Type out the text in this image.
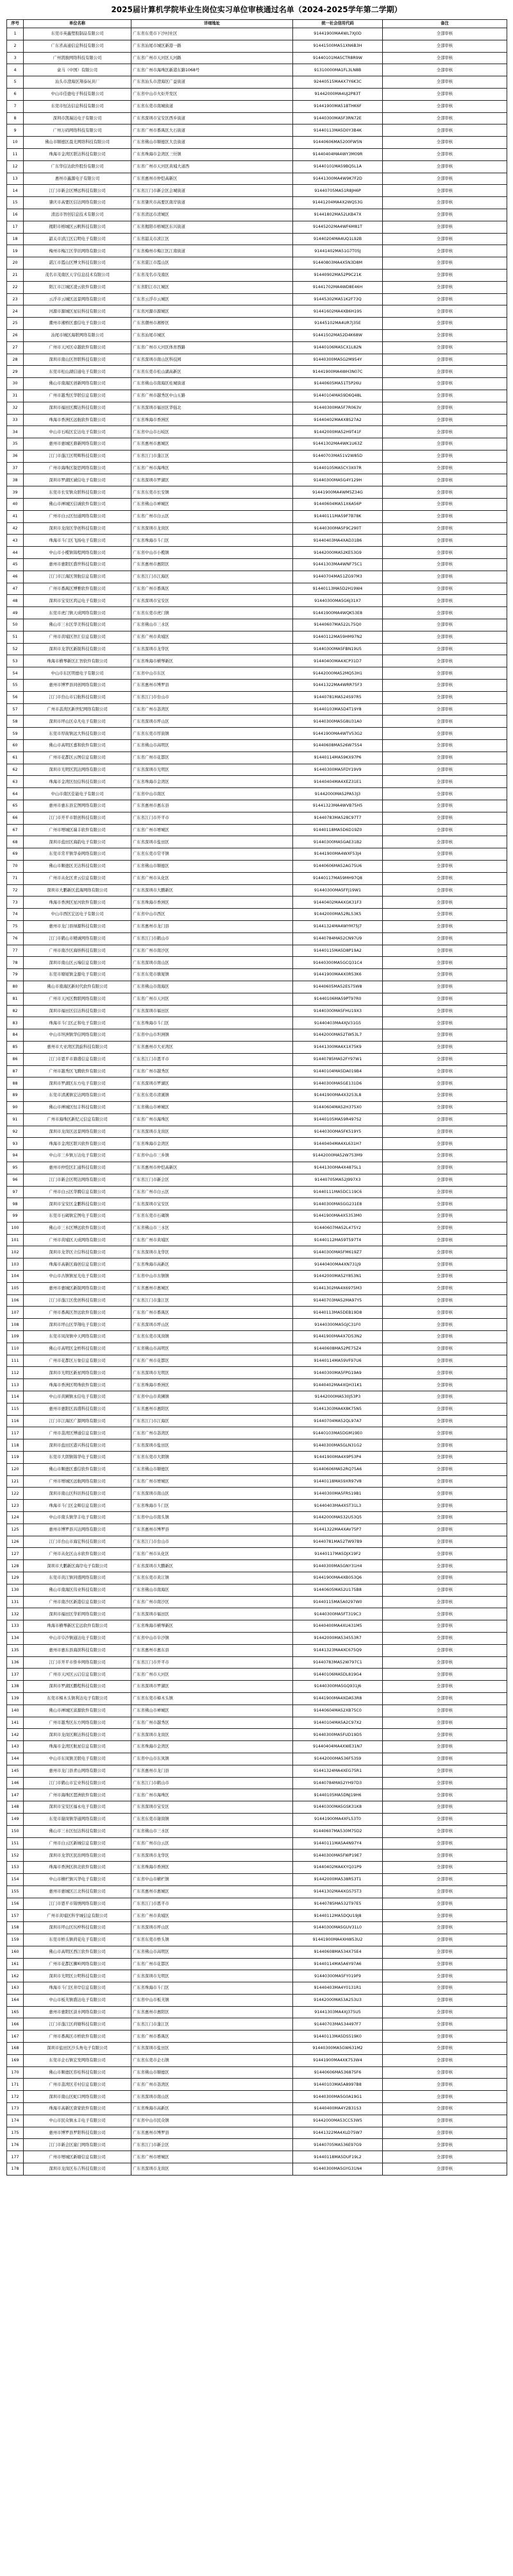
2025届计算机学院毕业生岗位实习单位审核通过名单（2024-2025学年第二学期）
序号	单位名称	详细地址	统一社会信用代码	备注
1	东莞市英鑫塑胶制品有限公司	广东省东莞市下沙村社区	91441900MA4WL7XJ0D	全部审核
2	广东省高通信息科技有限公司	广东省汕尾市城区新港一路	91441500MA51XN6B3H	全部审核
3	广州凯骏网络科技有限公司	广东省广州市天河区天河路	91440101MA5CTR8R9W	全部审核
4	盒马（中国）有限公司	广东省广州市海珠区新港东路1068号	91310000MA1FL3LN8B	全部审核
5	汕头市澄海区翔泰玩具厂	广东省汕头市澄海区广益街道	92440515MA4X7Y6K3C	全部审核
6	中山市佳德电子科技有限公司	广东省中山市火炬开发区	91442000MA4UJ2P83T	全部审核
7	东莞市恒达信息科技有限公司	广东省东莞市南城街道	91441900MA51BTHK6F	全部审核
8	深圳市凯瑞达电子有限公司	广东省深圳市宝安区西乡街道	91440300MA5F3RN72E	全部审核
9	广州万码网络科技有限公司	广东省广州市番禺区大石街道	91440113MA5D0Y3B4K	全部审核
10	佛山市顺德区晨光网络科技有限公司	广东省佛山市顺德区大良街道	91440606MA5200FW5N	全部审核
11	珠海市金湾区联达科技有限公司	广东省珠海市金湾区三灶镇	91440404MA4WY3M09R	全部审核
12	广东华信达软件股份有限公司	广东省广州市天河区黄埔大道西	91440101MA59BQ5L1A	全部审核
13	惠州市鑫源电子有限公司	广东省惠州市仲恺高新区	91441300MA4W9K7F2D	全部审核
14	江门市新会区博远科技有限公司	广东省江门市新会区会城街道	91440705MA51R8JH6P	全部审核
15	肇庆市高要区信达网络有限公司	广东省肇庆市高要区南岸街道	91441204MA4X2WQ53G	全部审核
16	清远市智创信息技术有限公司	广东省清远市清城区	91441802MA52LKB47X	全部审核
17	揭阳市榕城区云帆科技有限公司	广东省揭阳市榕城区东兴街道	91445202MA4WF6M81T	全部审核
18	韶关市浈江区启明电子有限公司	广东省韶关市浈江区	91440204MA4UQ1L92B	全部审核
19	梅州市梅江区华讯网络有限公司	广东省梅州市梅江区江南街道	91441402MA51G7T05J	全部审核
20	湛江市霞山区博文科技有限公司	广东省湛江市霞山区	91440803MA4X5N3D8M	全部审核
21	茂名市茂南区天宇信息技术有限公司	广东省茂名市茂南区	91440902MA52P9C21K	全部审核
22	阳江市江城区凌云软件有限公司	广东省阳江市江城区	91441702MA4WD8E46H	全部审核
23	云浮市云城区远景网络有限公司	广东省云浮市云城区	91445302MA51K2F73Q	全部审核
24	河源市源城区星辰科技有限公司	广东省河源市源城区	91441602MA4XB6H19S	全部审核
25	潮州市湘桥区嘉信电子有限公司	广东省潮州市湘桥区	91445102MA4UR7J35E	全部审核
26	汕尾市城区海联网络有限公司	广东省汕尾市城区	91441502MA52D4K68W	全部审核
27	广州市天河区卓越软件有限公司	广东省广州市天河区体育西路	91440106MA5CX1L82N	全部审核
28	深圳市南山区智联科技有限公司	广东省深圳市南山区科技园	91440300MA5G2M954Y	全部审核
29	东莞市松山湖信通电子有限公司	广东省东莞市松山湖高新区	91441900MA4WH3N07C	全部审核
30	佛山市南海区创新网络有限公司	广东省佛山市南海区桂城街道	91440605MA51T5P26U	全部审核
31	广州市越秀区华联信息有限公司	广东省广州市越秀区中山五路	91440104MA59D6Q48L	全部审核
32	深圳市福田区腾达科技有限公司	广东省深圳市福田区华强北	91440300MA5F7R063V	全部审核
33	珠海市香洲区远航软件有限公司	广东省珠海市香洲区	91440402MA4X8S27A2	全部审核
34	中山市石岐区宏达电子有限公司	广东省中山市石岐区	91442000MA52H9T41F	全部审核
35	惠州市惠城区鼎新网络有限公司	广东省惠州市惠城区	91441302MA4WK1U63Z	全部审核
36	江门市蓬江区明辉科技有限公司	广东省江门市蓬江区	91440703MA51V2W85D	全部审核
37	广州市海珠区锐思网络有限公司	广东省广州市海珠区	91440105MA5CY3X07R	全部审核
38	深圳市罗湖区诚信电子有限公司	广东省深圳市罗湖区	91440300MA5G4Y129H	全部审核
39	东莞市长安镇众联科技有限公司	广东省东莞市长安镇	91441900MA4WM5Z34G	全部审核
40	佛山市禅城区信诚软件有限公司	广东省佛山市禅城区	91440604MA51X6A56P	全部审核
41	广州市白云区恒通网络有限公司	广东省广州市白云区	91440111MA59F7B78K	全部审核
42	深圳市龙岗区华创科技有限公司	广东省深圳市龙岗区	91440300MA5F9C290T	全部审核
43	珠海市斗门区飞扬电子有限公司	广东省珠海市斗门区	91440403MA4XAD31B6	全部审核
44	中山市小榄镇锦程网络有限公司	广东省中山市小榄镇	91442000MA52KE53G9	全部审核
45	惠州市惠阳区盛世科技有限公司	广东省惠州市惠阳区	91441303MA4WNF75C1	全部审核
46	江门市江海区领航信息有限公司	广东省江门市江海区	91440704MA51ZG97M3	全部审核
47	广州市番禺区博雅软件有限公司	广东省广州市番禺区	91440113MA5D2H19W4	全部审核
48	深圳市宝安区鸿运电子有限公司	广东省深圳市宝安区	91440300MA5G6J31X7	全部审核
49	东莞市虎门镇天成网络有限公司	广东省东莞市虎门镇	91441900MA4WQK53E8	全部审核
50	佛山市三水区华美科技有限公司	广东省佛山市三水区	91440607MA522L75Q0	全部审核
51	广州市黄埔区智汇信息有限公司	广东省广州市黄埔区	91440112MA59HM97N2	全部审核
52	深圳市龙华区新锐科技有限公司	广东省深圳市龙华区	91440300MA5FBN19U5	全部审核
53	珠海市横琴新区汇智软件有限公司	广东省珠海市横琴新区	91440400MA4XCP31D7	全部审核
54	中山市东区明德电子有限公司	广东省中山市东区	91442000MA52MQ53H1	全部审核
55	惠州市博罗县同创网络有限公司	广东省惠州市博罗县	91441322MA4WRR75F3	全部审核
56	江门市台山市启航科技有限公司	广东省江门市台山市	91440781MA524S97R5	全部审核
57	广州市荔湾区新世纪网络有限公司	广东省广州市荔湾区	91440103MA5D4T19Y8	全部审核
58	深圳市坪山区卓凡电子有限公司	广东省深圳市坪山区	91440300MA5G8U31A0	全部审核
59	东莞市厚街镇远大科技有限公司	广东省东莞市厚街镇	91441900MA4WTV53G2	全部审核
60	佛山市高明区嘉和软件有限公司	广东省佛山市高明区	91440608MA526W75S4	全部审核
61	广州市花都区云图信息有限公司	广东省广州市花都区	91440114MA59KX97P6	全部审核
62	深圳市光明区凯达网络有限公司	广东省深圳市光明区	91440300MA5FDY19V9	全部审核
63	珠海市金湾区恒信科技有限公司	广东省珠海市金湾区	91440404MA4XEZ31E1	全部审核
64	中山市南区佳能电子有限公司	广东省中山市南区	91442000MA52PA53J3	全部审核
65	惠州市惠东县宏图网络有限公司	广东省惠州市惠东县	91441323MA4WVB75H5	全部审核
66	江门市开平市联创科技有限公司	广东省江门市开平市	91440783MA528C97T7	全部审核
67	广州市增城区瑞丰软件有限公司	广东省广州市增城区	91440118MA5D6D19Z0	全部审核
68	深圳市盐田区海韵电子有限公司	广东省深圳市盐田区	91440300MA5GAE31B2	全部审核
69	东莞市常平镇华泰网络有限公司	广东省东莞市常平镇	91441900MA4WXF53J4	全部审核
70	佛山市顺德区美达科技有限公司	广东省佛山市顺德区	91440606MA52AG75U6	全部审核
71	广州市从化区青云信息有限公司	广东省广州市从化区	91440117MA59MH97Q8	全部审核
72	深圳市大鹏新区蓝海网络有限公司	广东省深圳市大鹏新区	91440300MA5FFJ19W1	全部审核
73	珠海市香洲区星河软件有限公司	广东省珠海市香洲区	91440402MA4XGK31F3	全部审核
74	中山市西区宏远电子有限公司	广东省中山市西区	91442000MA52RL53K5	全部审核
75	惠州市龙门县绿源科技有限公司	广东省惠州市龙门县	91441324MA4WYM75J7	全部审核
76	江门市鹤山市精诚网络有限公司	广东省江门市鹤山市	91440784MA52CN97U9	全部审核
77	广州市南沙区海纳科技有限公司	广东省广州市南沙区	91440115MA5D8P19A2	全部审核
78	深圳市南山区云端信息有限公司	广东省深圳市南山区	91440300MA5GCQ31C4	全部审核
79	东莞市塘厦镇金源电子有限公司	广东省东莞市塘厦镇	91441900MA4X0R53K6	全部审核
80	佛山市南海区新时代软件有限公司	广东省佛山市南海区	91440605MA52ES75W8	全部审核
81	广州市天河区数联网络有限公司	广东省广州市天河区	91440106MA59PT97R0	全部审核
82	深圳市福田区信达科技有限公司	广东省深圳市福田区	91440300MA5FHU19X3	全部审核
83	珠海市斗门区正和电子有限公司	广东省珠海市斗门区	91440403MA4XJV31G5	全部审核
84	中山市坦洲镇华信网络有限公司	广东省中山市坦洲镇	91442000MA52TW53L7	全部审核
85	惠州市大亚湾区凯旋科技有限公司	广东省惠州市大亚湾区	91441300MA4X1X75K9	全部审核
86	江门市恩平市鼎盛信息有限公司	广东省江门市恩平市	91440785MA52FY97W1	全部审核
87	广州市越秀区飞腾软件有限公司	广东省广州市越秀区	91440104MA5DA019B4	全部审核
88	深圳市罗湖区东方电子有限公司	广东省深圳市罗湖区	91440300MA5GE131D6	全部审核
89	东莞市清溪镇宏达网络有限公司	广东省东莞市清溪镇	91441900MA4X3253L8	全部审核
90	佛山市禅城区恒丰科技有限公司	广东省佛山市禅城区	91440604MA52H375X0	全部审核
91	广州市海珠区新纪元信息有限公司	广东省广州市海珠区	91440105MA59R497S2	全部审核
92	深圳市龙岗区远景网络有限公司	广东省深圳市龙岗区	91440300MA5FK519Y5	全部审核
93	珠海市金湾区联兴软件有限公司	广东省珠海市金湾区	91440404MA4XL631H7	全部审核
94	中山市三乡镇万达电子有限公司	广东省中山市三乡镇	91442000MA52W753M9	全部审核
95	惠州市仲恺区汇通科技有限公司	广东省惠州市仲恺高新区	91441300MA4X4875L1	全部审核
96	江门市新会区明达网络有限公司	广东省江门市新会区	91440705MA52J997X3	全部审核
97	广州市白云区华腾信息有限公司	广东省广州市白云区	91440111MA5DC119C6	全部审核
98	深圳市宝安区金鹏科技有限公司	广东省深圳市宝安区	91440300MA5GG231E8	全部审核
99	东莞市石碣镇宏图电子有限公司	广东省东莞市石碣镇	91441900MA4X5353M0	全部审核
100	佛山市三水区博远软件有限公司	广东省佛山市三水区	91440607MA52L475Y2	全部审核
101	广州市黄埔区天成网络有限公司	广东省广州市黄埔区	91440112MA59T597T4	全部审核
102	深圳市龙华区立信科技有限公司	广东省深圳市龙华区	91440300MA5FM619Z7	全部审核
103	珠海市高新区海创信息有限公司	广东省珠海市高新区	91440400MA4XN731J9	全部审核
104	中山市古镇镇星光电子有限公司	广东省中山市古镇镇	91442000MA52Y853N1	全部审核
105	惠州市惠城区新锐网络有限公司	广东省惠州市惠城区	91441302MA4X6975M3	全部审核
106	江门市蓬江区优创科技有限公司	广东省江门市蓬江区	91440703MA52MA97Y5	全部审核
107	广州市番禺区智远软件有限公司	广东省广州市番禺区	91440113MA5DEB19D8	全部审核
108	深圳市坪山区华翔电子有限公司	广东省深圳市坪山区	91440300MA5GJC31F0	全部审核
109	东莞市凤岗镇中天网络有限公司	广东省东莞市凤岗镇	91441900MA4X7D53N2	全部审核
110	佛山市高明区金桥科技有限公司	广东省佛山市高明区	91440608MA52PE75Z4	全部审核
111	广州市花都区万象信息有限公司	广东省广州市花都区	91440114MA59VF97U6	全部审核
112	深圳市光明区新星网络有限公司	广东省深圳市光明区	91440300MA5FPG19A9	全部审核
113	珠海市香洲区明珠软件有限公司	广东省珠海市香洲区	91440402MA4XQH31K1	全部审核
114	中山市黄圃镇永信电子有限公司	广东省中山市黄圃镇	91442000MA530J53P3	全部审核
115	惠州市惠阳区昌盛科技有限公司	广东省惠州市惠阳区	91441303MA4X8K75N5	全部审核
116	江门市江海区广源网络有限公司	广东省江门市江海区	91440704MA52QL97A7	全部审核
117	广州市荔湾区博通信息有限公司	广东省广州市荔湾区	91440103MA5DGM19E0	全部审核
118	深圳市盐田区港兴科技有限公司	广东省深圳市盐田区	91440300MA5GLN31G2	全部审核
119	东莞市大朗镇锦华电子有限公司	广东省东莞市大朗镇	91441900MA4X9P53P4	全部审核
120	佛山市顺德区嘉信软件有限公司	广东省佛山市顺德区	91440606MA52RQ75A6	全部审核
121	广州市增城区远航网络有限公司	广东省广州市增城区	91440118MA59XR97V8	全部审核
122	深圳市南山区科讯科技有限公司	广东省深圳市南山区	91440300MA5FRS19B1	全部审核
123	珠海市斗门区金辉信息有限公司	广东省珠海市斗门区	91440403MA4XST31L3	全部审核
124	中山市南头镇华丰电子有限公司	广东省中山市南头镇	91442000MA532U53Q5	全部审核
125	惠州市博罗县兴达网络有限公司	广东省惠州市博罗县	91441322MA4XAV75P7	全部审核
126	江门市台山市海宏科技有限公司	广东省江门市台山市	91440781MA52TW97B9	全部审核
127	广州市从化区山水软件有限公司	广东省广州市从化区	91440117MA5DJX19F2	全部审核
128	深圳市大鹏新区海岸电子有限公司	广东省深圳市大鹏新区	91440300MA5GNY31H4	全部审核
129	东莞市黄江镇同盛网络有限公司	广东省东莞市黄江镇	91441900MA4XB053Q6	全部审核
130	佛山市南海区伟业科技有限公司	广东省佛山市南海区	91440605MA52U175B8	全部审核
131	广州市南沙区新港信息有限公司	广东省广州市南沙区	91440115MA5A0297W0	全部审核
132	深圳市福田区华彩网络有限公司	广东省深圳市福田区	91440300MA5FT319C3	全部审核
133	珠海市横琴新区宏远软件有限公司	广东省珠海市横琴新区	91440400MA4XU431M5	全部审核
134	中山市阜沙镇通达电子有限公司	广东省中山市阜沙镇	91442000MA534553R7	全部审核
135	惠州市惠东县海滨科技有限公司	广东省惠州市惠东县	91441323MA4XC675Q9	全部审核
136	江门市开平市侨乡网络有限公司	广东省江门市开平市	91440783MA52W797C1	全部审核
137	广州市天河区云启信息有限公司	广东省广州市天河区	91440106MA5DL819G4	全部审核
138	深圳市罗湖区鹏程科技有限公司	广东省深圳市罗湖区	91440300MA5GQ931J6	全部审核
139	东莞市樟木头镇利达电子有限公司	广东省东莞市樟木头镇	91441900MA4XDA53R8	全部审核
140	佛山市禅城区富源软件有限公司	广东省佛山市禅城区	91440604MA52XB75C0	全部审核
141	广州市越秀区东方网络有限公司	广东省广州市越秀区	91440104MA5A2C97X2	全部审核
142	深圳市龙岗区顺达科技有限公司	广东省深圳市龙岗区	91440300MA5FUD19D5	全部审核
143	珠海市金湾区航星信息有限公司	广东省珠海市金湾区	91440404MA4XWE31N7	全部审核
144	中山市东凤镇美联电子有限公司	广东省中山市东凤镇	91442000MA536F53S9	全部审核
145	惠州市龙门县青山网络有限公司	广东省惠州市龙门县	91441324MA4XEG75R1	全部审核
146	江门市鹤山市宏业科技有限公司	广东省江门市鹤山市	91440784MA52YH97D3	全部审核
147	广州市海珠区琶洲软件有限公司	广东省广州市海珠区	91440105MA5DNJ19H6	全部审核
148	深圳市宝安区福永电子有限公司	广东省深圳市宝安区	91440300MA5GSK31K8	全部审核
149	东莞市谢岗镇华通网络有限公司	广东省东莞市谢岗镇	91441900MA4XFL53T0	全部审核
150	佛山市三水区恒达科技有限公司	广东省佛山市三水区	91440607MA530M75D2	全部审核
151	广州市白云区新城信息有限公司	广东省广州市白云区	91440111MA5A4N97Y4	全部审核
152	深圳市龙华区民治网络有限公司	广东省深圳市龙华区	91440300MA5FWP19E7	全部审核
153	珠海市香洲区拱北软件有限公司	广东省珠海市香洲区	91440402MA4XYQ31P9	全部审核
154	中山市横栏镇兴华电子有限公司	广东省中山市横栏镇	91442000MA538R53T1	全部审核
155	惠州市惠城区江北科技有限公司	广东省惠州市惠城区	91441302MA4XGS75T3	全部审核
156	江门市恩平市锦绣网络有限公司	广东省江门市恩平市	91440785MA532T97E5	全部审核
157	广州市黄埔区科学城信息有限公司	广东省广州市黄埔区	91440112MA5DQU19J8	全部审核
158	深圳市坪山区坑梓科技有限公司	广东省深圳市坪山区	91440300MA5GUV31L0	全部审核
159	东莞市桥头镇荷花电子有限公司	广东省东莞市桥头镇	91441900MA4XHW53U2	全部审核
160	佛山市高明区西江软件有限公司	广东省佛山市高明区	91440608MA534X75E4	全部审核
161	广州市花都区狮岭网络有限公司	广东省广州市花都区	91440114MA5A6Y97A6	全部审核
162	深圳市光明区公明科技有限公司	广东省深圳市光明区	91440300MA5FY019F9	全部审核
163	珠海市斗门区井岸信息有限公司	广东省珠海市斗门区	91440403MA4Y0131R1	全部审核
164	中山市板芙镇盛达电子有限公司	广东省中山市板芙镇	91442000MA53A253U3	全部审核
165	惠州市惠阳区淡水网络有限公司	广东省惠州市惠阳区	91441303MA4XJ375U5	全部审核
166	江门市蓬江区荷塘科技有限公司	广东省江门市蓬江区	91440703MA534497F7	全部审核
167	广州市番禺区市桥软件有限公司	广东省广州市番禺区	91440113MA5DS519K0	全部审核
168	深圳市盐田区沙头角电子有限公司	广东省深圳市盐田区	91440300MA5GW631M2	全部审核
169	东莞市企石镇宏发网络有限公司	广东省东莞市企石镇	91441900MA4XK753W4	全部审核
170	佛山市顺德区容桂科技有限公司	广东省佛山市顺德区	91440606MA536875F6	全部审核
171	广州市荔湾区芳村信息有限公司	广东省广州市荔湾区	91440103MA5A8997B8	全部审核
172	深圳市南山区蛇口网络有限公司	广东省深圳市南山区	91440300MA5G0A19G1	全部审核
173	珠海市高新区唐家软件有限公司	广东省珠海市高新区	91440400MA4Y2B31S3	全部审核
174	中山市民众镇永丰电子有限公司	广东省中山市民众镇	91442000MA53CC53W5	全部审核
175	惠州市博罗县罗阳科技有限公司	广东省惠州市博罗县	91441322MA4XLD75W7	全部审核
176	江门市新会区崖门网络有限公司	广东省江门市新会区	91440705MA536E97G9	全部审核
177	广州市增城区新塘信息有限公司	广东省广州市增城区	91440118MA5DUF19L2	全部审核
178	深圳市龙岗区布吉科技有限公司	广东省深圳市龙岗区	91440300MA5GYG31N4	全部审核
